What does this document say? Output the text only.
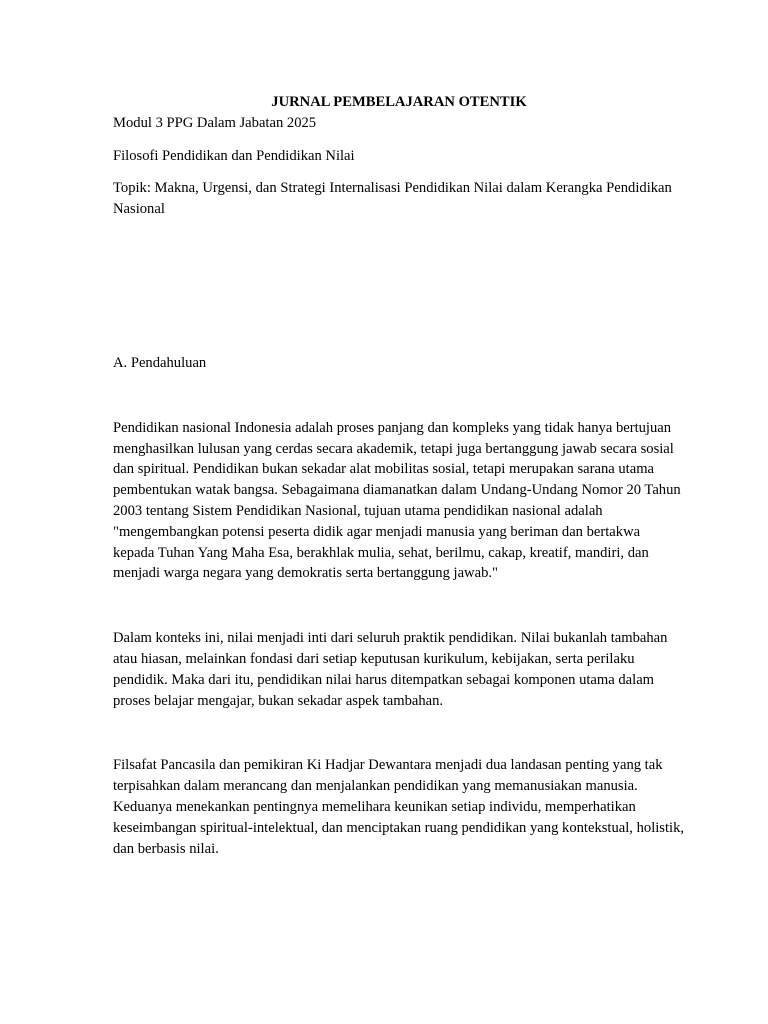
JURNAL PEMBELAJARAN OTENTIK

Modul 3 PPG Dalam Jabatan 2025

Filosofi Pendidikan dan Pendidikan Nilai

Topik: Makna, Urgensi, dan Strategi Internalisasi Pendidikan Nilai dalam Kerangka Pendidikan Nasional

A. Pendahuluan

Pendidikan nasional Indonesia adalah proses panjang dan kompleks yang tidak hanya bertujuan menghasilkan lulusan yang cerdas secara akademik, tetapi juga bertanggung jawab secara sosial dan spiritual. Pendidikan bukan sekadar alat mobilitas sosial, tetapi merupakan sarana utama pembentukan watak bangsa. Sebagaimana diamanatkan dalam Undang-Undang Nomor 20 Tahun 2003 tentang Sistem Pendidikan Nasional, tujuan utama pendidikan nasional adalah "mengembangkan potensi peserta didik agar menjadi manusia yang beriman dan bertakwa kepada Tuhan Yang Maha Esa, berakhlak mulia, sehat, berilmu, cakap, kreatif, mandiri, dan menjadi warga negara yang demokratis serta bertanggung jawab."

Dalam konteks ini, nilai menjadi inti dari seluruh praktik pendidikan. Nilai bukanlah tambahan atau hiasan, melainkan fondasi dari setiap keputusan kurikulum, kebijakan, serta perilaku pendidik. Maka dari itu, pendidikan nilai harus ditempatkan sebagai komponen utama dalam proses belajar mengajar, bukan sekadar aspek tambahan.

Filsafat Pancasila dan pemikiran Ki Hadjar Dewantara menjadi dua landasan penting yang tak terpisahkan dalam merancang dan menjalankan pendidikan yang memanusiakan manusia. Keduanya menekankan pentingnya memelihara keunikan setiap individu, memperhatikan keseimbangan spiritual-intelektual, dan menciptakan ruang pendidikan yang kontekstual, holistik, dan berbasis nilai.
